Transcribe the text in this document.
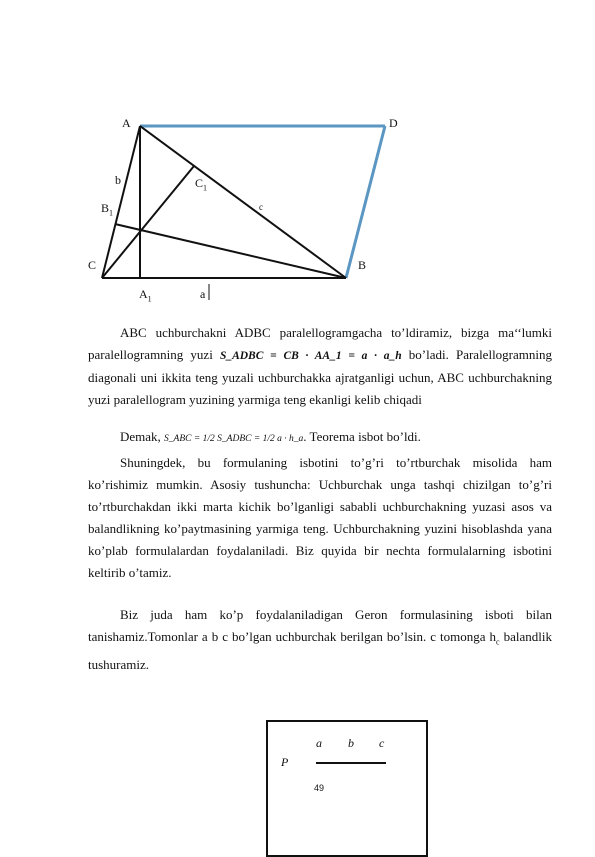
A	D
b	$C_1$
c
$B_1$
C	B
$A_1$	a
ABC uchburchakni ADBC paralellogramgacha to’ldiramiz, bizga ma‘‘lumki paralellogramning yuzi S_ADBC = CB · AA_1 = a · a_h bo’ladi. Paralellogramning diagonali uni ikkita teng yuzali uchburchakka ajratganligi uchun, ABC uchburchakning yuzi paralellogram yuzining yarmiga teng ekanligi kelib chiqadi
Demak, S_ABC = 1/2 S_ADBC = 1/2 a · h_a. Teorema isbot bo’ldi.
Shuningdek, bu formulaning isbotini to’g’ri to’rtburchak misolida ham ko’rishimiz mumkin. Asosiy tushuncha: Uchburchak unga tashqi chizilgan to’g’ri to’rtburchakdan ikki marta kichik bo’lganligi sababli uchburchakning yuzasi asos va balandlikning ko’paytmasining yarmiga teng. Uchburchakning yuzini hisoblashda yana ko’plab formulalardan foydalaniladi. Biz quyida bir nechta formulalarning isbotini keltirib o’tamiz.
Biz juda ham ko’p foydalaniladigan Geron formulasining isboti bilan tanishamiz.Tomonlar a b c bo’lgan uchburchak berilgan bo’lsin. c tomonga $h_c$ balandlik tushuramiz.
a b c
P
49
